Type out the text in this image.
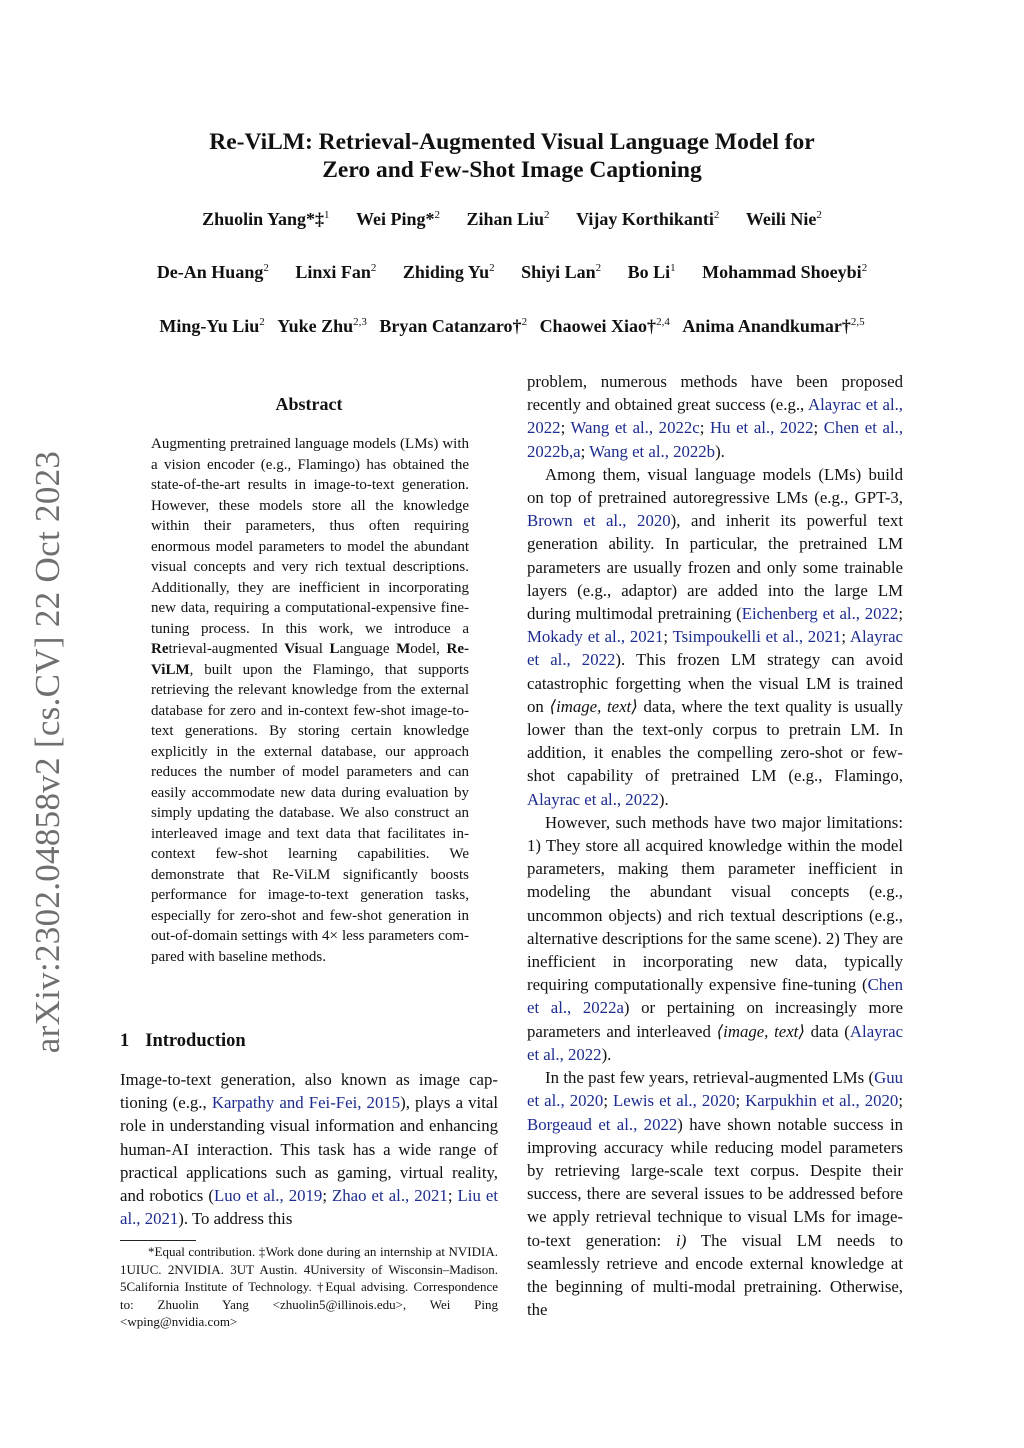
arXiv:2302.04858v2 [cs.CV] 22 Oct 2023
Re-ViLM: Retrieval-Augmented Visual Language Model for
Zero and Few-Shot Image Captioning
Zhuolin Yang*‡$^1$ Wei Ping*$^2$ Zihan Liu$^2$ Vijay Korthikanti$^2$ Weili Nie$^2$
De-An Huang$^2$ Linxi Fan$^2$ Zhiding Yu$^2$ Shiyi Lan$^2$ Bo Li$^1$ Mohammad Shoeybi$^2$
Ming-Yu Liu$^2$ Yuke Zhu$^{2,3}$ Bryan Catanzaro†$^2$ Chaowei Xiao†$^{2,4}$ Anima Anandkumar†$^{2,5}$
Abstract

Augmenting pretrained language models (LMs) with a vision encoder (e.g., Flamingo) has obtained the state-of-the-art results in image-to-text generation. However, these models store all the knowledge within their parameters, thus often requiring enormous model parameters to model the abundant visual concepts and very rich textual descriptions. Additionally, they are inefficient in incorporating new data, requiring a computational-expensive fine-tuning process. In this work, we introduce a Retrieval-augmented Visual Language Model, Re-ViLM, built upon the Flamingo, that supports retrieving the relevant knowledge from the external database for zero and in-context few-shot image-to-text generations. By storing certain knowledge explicitly in the external database, our approach reduces the number of model parameters and can easily accommodate new data during evaluation by simply updating the database. We also construct an interleaved image and text data that facilitates in-context few-shot learning capabilities. We demonstrate that Re-ViLM significantly boosts performance for image-to-text generation tasks, especially for zero-shot and few-shot generation in out-of-domain settings with 4× less parameters compared with baseline methods.

1 Introduction

Image-to-text generation, also known as image captioning (e.g., Karpathy and Fei-Fei, 2015), plays a vital role in understanding visual information and enhancing human-AI interaction. This task has a wide range of practical applications such as gaming, virtual reality, and robotics (Luo et al., 2019; Zhao et al., 2021; Liu et al., 2021). To address this

*Equal contribution. ‡Work done during an internship at NVIDIA. 1UIUC. 2NVIDIA. 3UT Austin. 4University of Wisconsin–Madison. 5California Institute of Technology. †Equal advising. Correspondence to: Zhuolin Yang <zhuolin5@illinois.edu>, Wei Ping <wping@nvidia.com>

problem, numerous methods have been proposed recently and obtained great success (e.g., Alayrac et al., 2022; Wang et al., 2022c; Hu et al., 2022; Chen et al., 2022b,a; Wang et al., 2022b).

Among them, visual language models (LMs) build on top of pretrained autoregressive LMs (e.g., GPT-3, Brown et al., 2020), and inherit its powerful text generation ability. In particular, the pretrained LM parameters are usually frozen and only some trainable layers (e.g., adaptor) are added into the large LM during multimodal pretraining (Eichenberg et al., 2022; Mokady et al., 2021; Tsimpoukelli et al., 2021; Alayrac et al., 2022). This frozen LM strategy can avoid catastrophic forgetting when the visual LM is trained on ⟨image, text⟩ data, where the text quality is usually lower than the text-only corpus to pretrain LM. In addition, it enables the compelling zero-shot or few-shot capability of pretrained LM (e.g., Flamingo, Alayrac et al., 2022).

However, such methods have two major limitations: 1) They store all acquired knowledge within the model parameters, making them parameter inefficient in modeling the abundant visual concepts (e.g., uncommon objects) and rich textual descriptions (e.g., alternative descriptions for the same scene). 2) They are inefficient in incorporating new data, typically requiring computationally expensive fine-tuning (Chen et al., 2022a) or pertaining on increasingly more parameters and interleaved ⟨image, text⟩ data (Alayrac et al., 2022).

In the past few years, retrieval-augmented LMs (Guu et al., 2020; Lewis et al., 2020; Karpukhin et al., 2020; Borgeaud et al., 2022) have shown notable success in improving accuracy while reducing model parameters by retrieving large-scale text corpus. Despite their success, there are several issues to be addressed before we apply retrieval technique to visual LMs for image-to-text generation: i) The visual LM needs to seamlessly retrieve and encode external knowledge at the beginning of multi-modal pretraining. Otherwise, the
